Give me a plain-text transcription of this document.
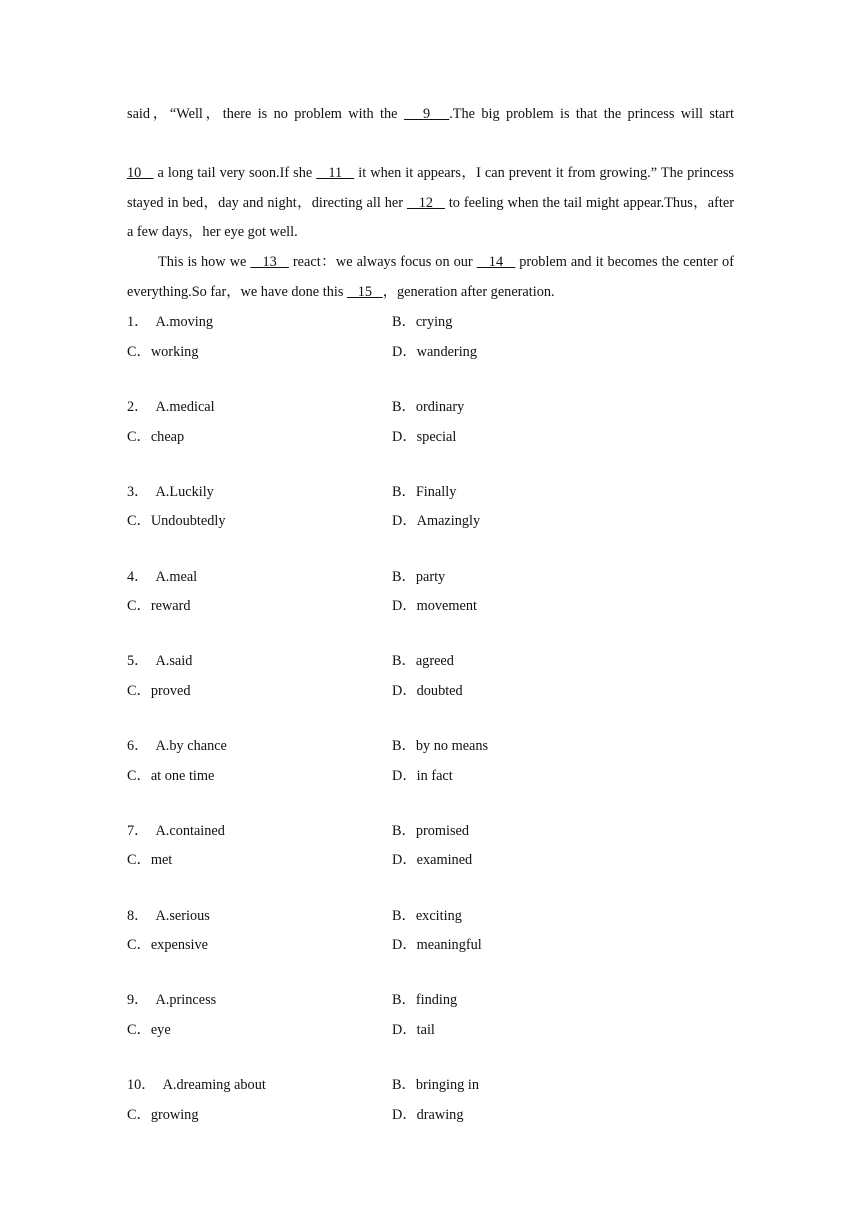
said，“Well，there is no problem with the    9   .The big problem is that the princess will start 10    a long tail very soon.If she    11    it when it appears，I can prevent it from growing.” The princess stayed in bed，day and night，directing all her    12    to feeling when the tail might appear.Thus，after a few days，her eye got well.

This is how we    13    react：we always focus on our    14    problem and it becomes the center of everything.So far，we have done this    15   ，generation after generation.

1． A.moving	B．crying
C．working	D．wandering
2． A.medical	B．ordinary
C．cheap	D．special
3． A.Luckily	B．Finally
C．Undoubtedly	D．Amazingly
4． A.meal	B．party
C．reward	D．movement
5． A.said	B．agreed
C．proved	D．doubted
6． A.by chance	B．by no means
C．at one time	D．in fact
7． A.contained	B．promised
C．met	D．examined
8． A.serious	B．exciting
C．expensive	D．meaningful
9． A.princess	B．finding
C．eye	D．tail
10． A.dreaming about	B．bringing in
C．growing	D．drawing
